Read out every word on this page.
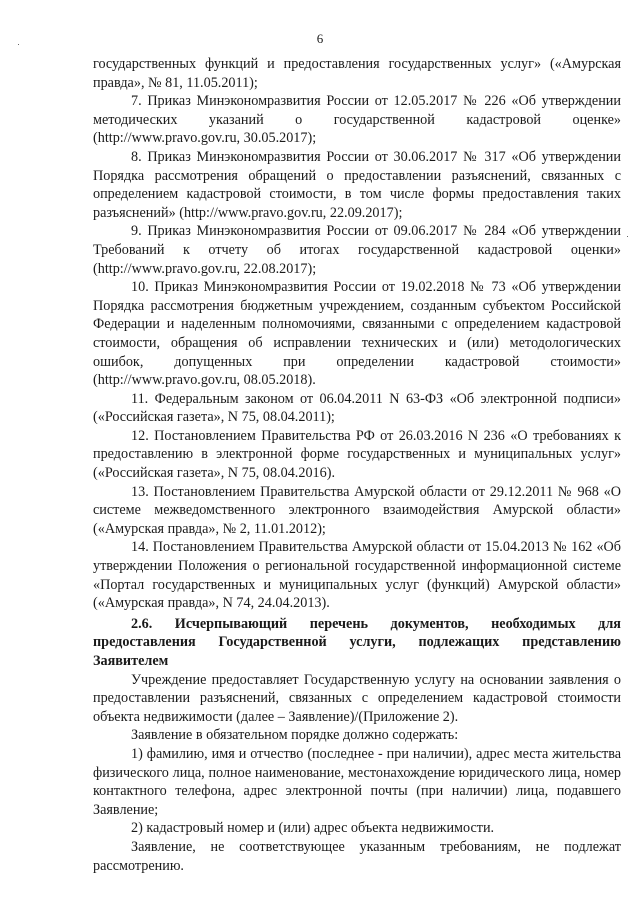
6

государственных функций и предоставления государственных услуг» («Амурская правда», № 81, 11.05.2011);

7. Приказ Минэкономразвития России от 12.05.2017 № 226 «Об утверждении методических указаний о государственной кадастровой оценке» (http://www.pravo.gov.ru, 30.05.2017);

8. Приказ Минэкономразвития России от 30.06.2017 № 317 «Об утверждении Порядка рассмотрения обращений о предоставлении разъяснений, связанных с определением кадастровой стоимости, в том числе формы предоставления таких разъяснений» (http://www.pravo.gov.ru, 22.09.2017);

9. Приказ Минэкономразвития России от 09.06.2017 № 284 «Об утверждении Требований к отчету об итогах государственной кадастровой оценки» (http://www.pravo.gov.ru, 22.08.2017);

10. Приказ Минэкономразвития России от 19.02.2018 № 73 «Об утверждении Порядка рассмотрения бюджетным учреждением, созданным субъектом Российской Федерации и наделенным полномочиями, связанными с определением кадастровой стоимости, обращения об исправлении технических и (или) методологических ошибок, допущенных при определении кадастровой стоимости» (http://www.pravo.gov.ru, 08.05.2018).

11. Федеральным законом от 06.04.2011 N 63-ФЗ «Об электронной подписи» («Российская газета», N 75, 08.04.2011);

12. Постановлением Правительства РФ от 26.03.2016 N 236 «О требованиях к предоставлению в электронной форме государственных и муниципальных услуг» («Российская газета», N 75, 08.04.2016).

13. Постановлением Правительства Амурской области от 29.12.2011 № 968 «О системе межведомственного электронного взаимодействия Амурской области» («Амурская правда», № 2, 11.01.2012);

14. Постановлением Правительства Амурской области от 15.04.2013 № 162 «Об утверждении Положения о региональной государственной информационной системе «Портал государственных и муниципальных услуг (функций) Амурской области» («Амурская правда», N 74, 24.04.2013).

2.6. Исчерпывающий перечень документов, необходимых для предоставления Государственной услуги, подлежащих представлению Заявителем

Учреждение предоставляет Государственную услугу на основании заявления о предоставлении разъяснений, связанных с определением кадастровой стоимости объекта недвижимости (далее – Заявление)/(Приложение 2).

Заявление в обязательном порядке должно содержать:

1) фамилию, имя и отчество (последнее - при наличии), адрес места жительства физического лица, полное наименование, местонахождение юридического лица, номер контактного телефона, адрес электронной почты (при наличии) лица, подавшего Заявление;

2) кадастровый номер и (или) адрес объекта недвижимости.

Заявление, не соответствующее указанным требованиям, не подлежат рассмотрению.
